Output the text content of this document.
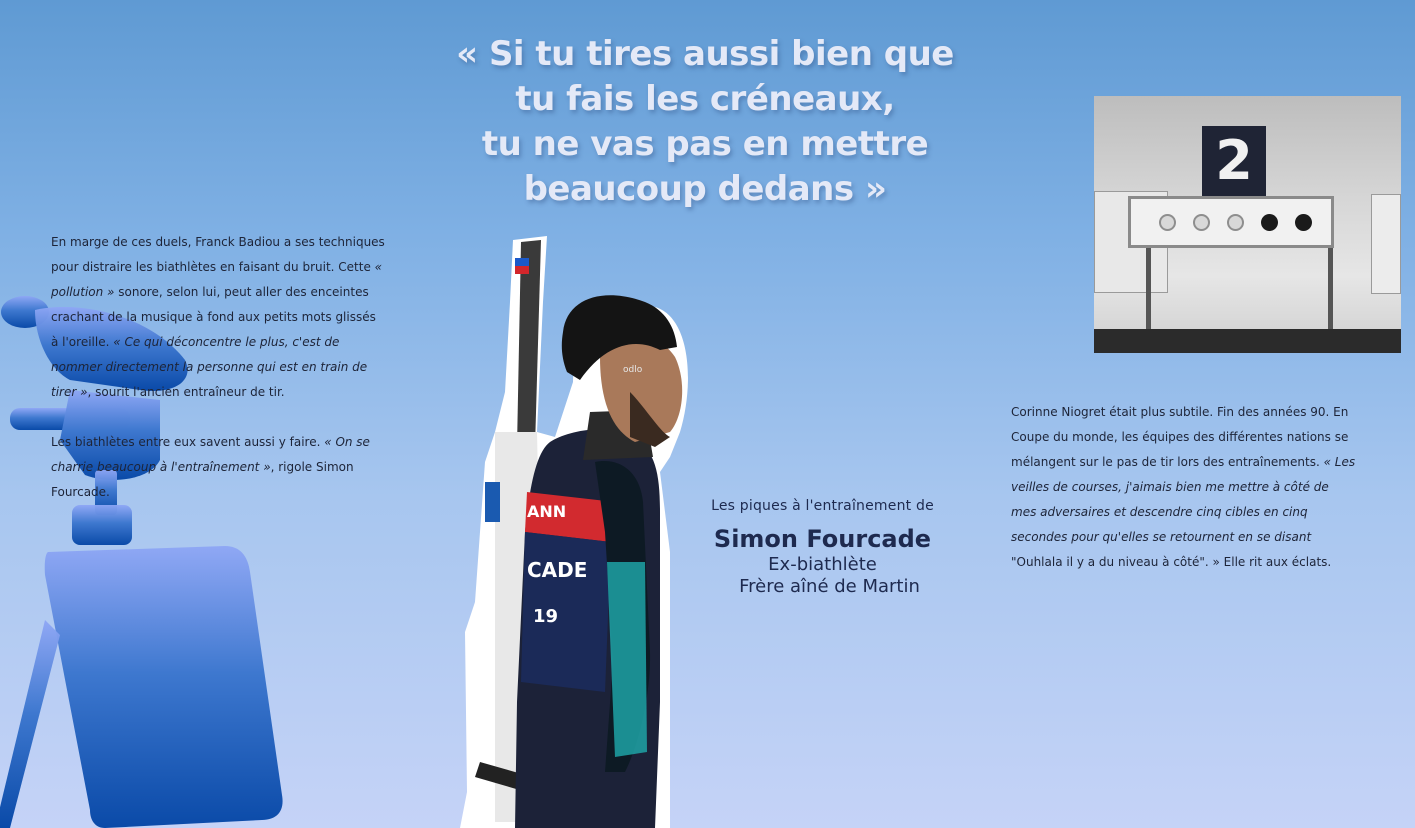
« Si tu tires aussi bien que
tu fais les créneaux,
tu ne vas pas en mettre
beaucoup dedans »

En marge de ces duels, Franck Badiou a ses techniques pour distraire les biathlètes en faisant du bruit. Cette « pollution » sonore, selon lui, peut aller des enceintes crachant de la musique à fond aux petits mots glissés à l'oreille. « Ce qui déconcentre le plus, c'est de nommer directement la personne qui est en train de tirer », sourit l'ancien entraîneur de tir.

Les biathlètes entre eux savent aussi y faire. « On se charrie beaucoup à l'entraînement », rigole Simon Fourcade.

odlo
CADE
19
ANN	Les piques à l'entraînement de
Simon Fourcade
Ex-biathlète
Frère aîné de Martin
2

Corinne Niogret était plus subtile. Fin des années 90. En Coupe du monde, les équipes des différentes nations se mélangent sur le pas de tir lors des entraînements. « Les veilles de courses, j'aimais bien me mettre à côté de mes adversaires et descendre cinq cibles en cinq secondes pour qu'elles se retournent en se disant "Ouhlala il y a du niveau à côté". » Elle rit aux éclats.
